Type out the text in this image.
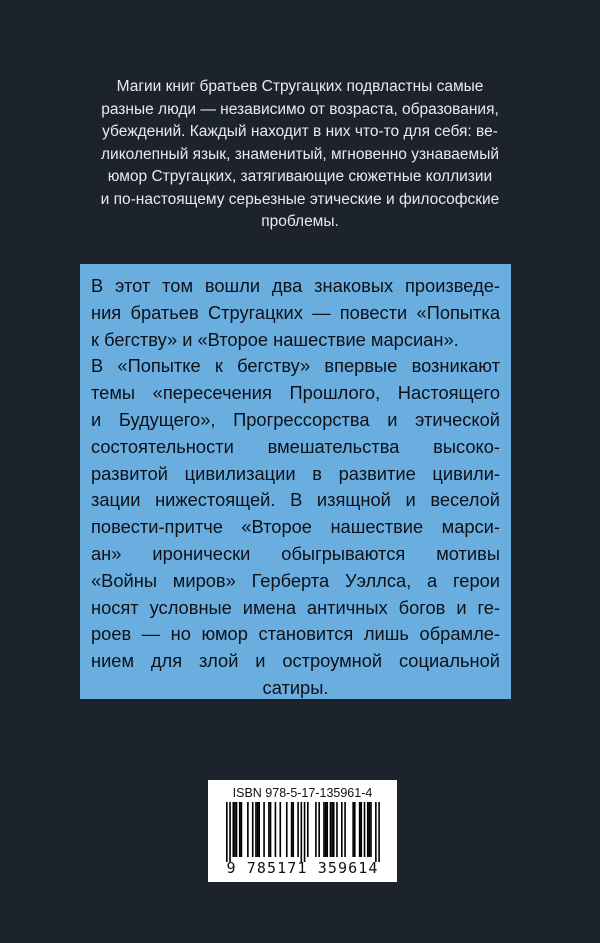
Магии книг братьев Стругацких подвластны самые
разные люди — независимо от возраста, образования,
убеждений. Каждый находит в них что-то для себя: ве-
ликолепный язык, знаменитый, мгновенно узнаваемый
юмор Стругацких, затягивающие сюжетные коллизии
и по-настоящему серьезные этические и философские
проблемы.
В этот том вошли два знаковых произведе-
ния братьев Стругацких — повести «Попытка
к бегству» и «Второе нашествие марсиан».
В «Попытке к бегству» впервые возникают
темы «пересечения Прошлого, Настоящего
и Будущего», Прогрессорства и этической
состоятельности вмешательства высоко-
развитой цивилизации в развитие цивили-
зации нижестоящей. В изящной и веселой
повести-притче «Второе нашествие марси-
ан» иронически обыгрываются мотивы
«Войны миров» Герберта Уэллса, а герои
носят условные имена античных богов и ге-
роев — но юмор становится лишь обрамле-
нием для злой и остроумной социальной
сатиры.
ISBN 978-5-17-135961-4
9 785171 359614
